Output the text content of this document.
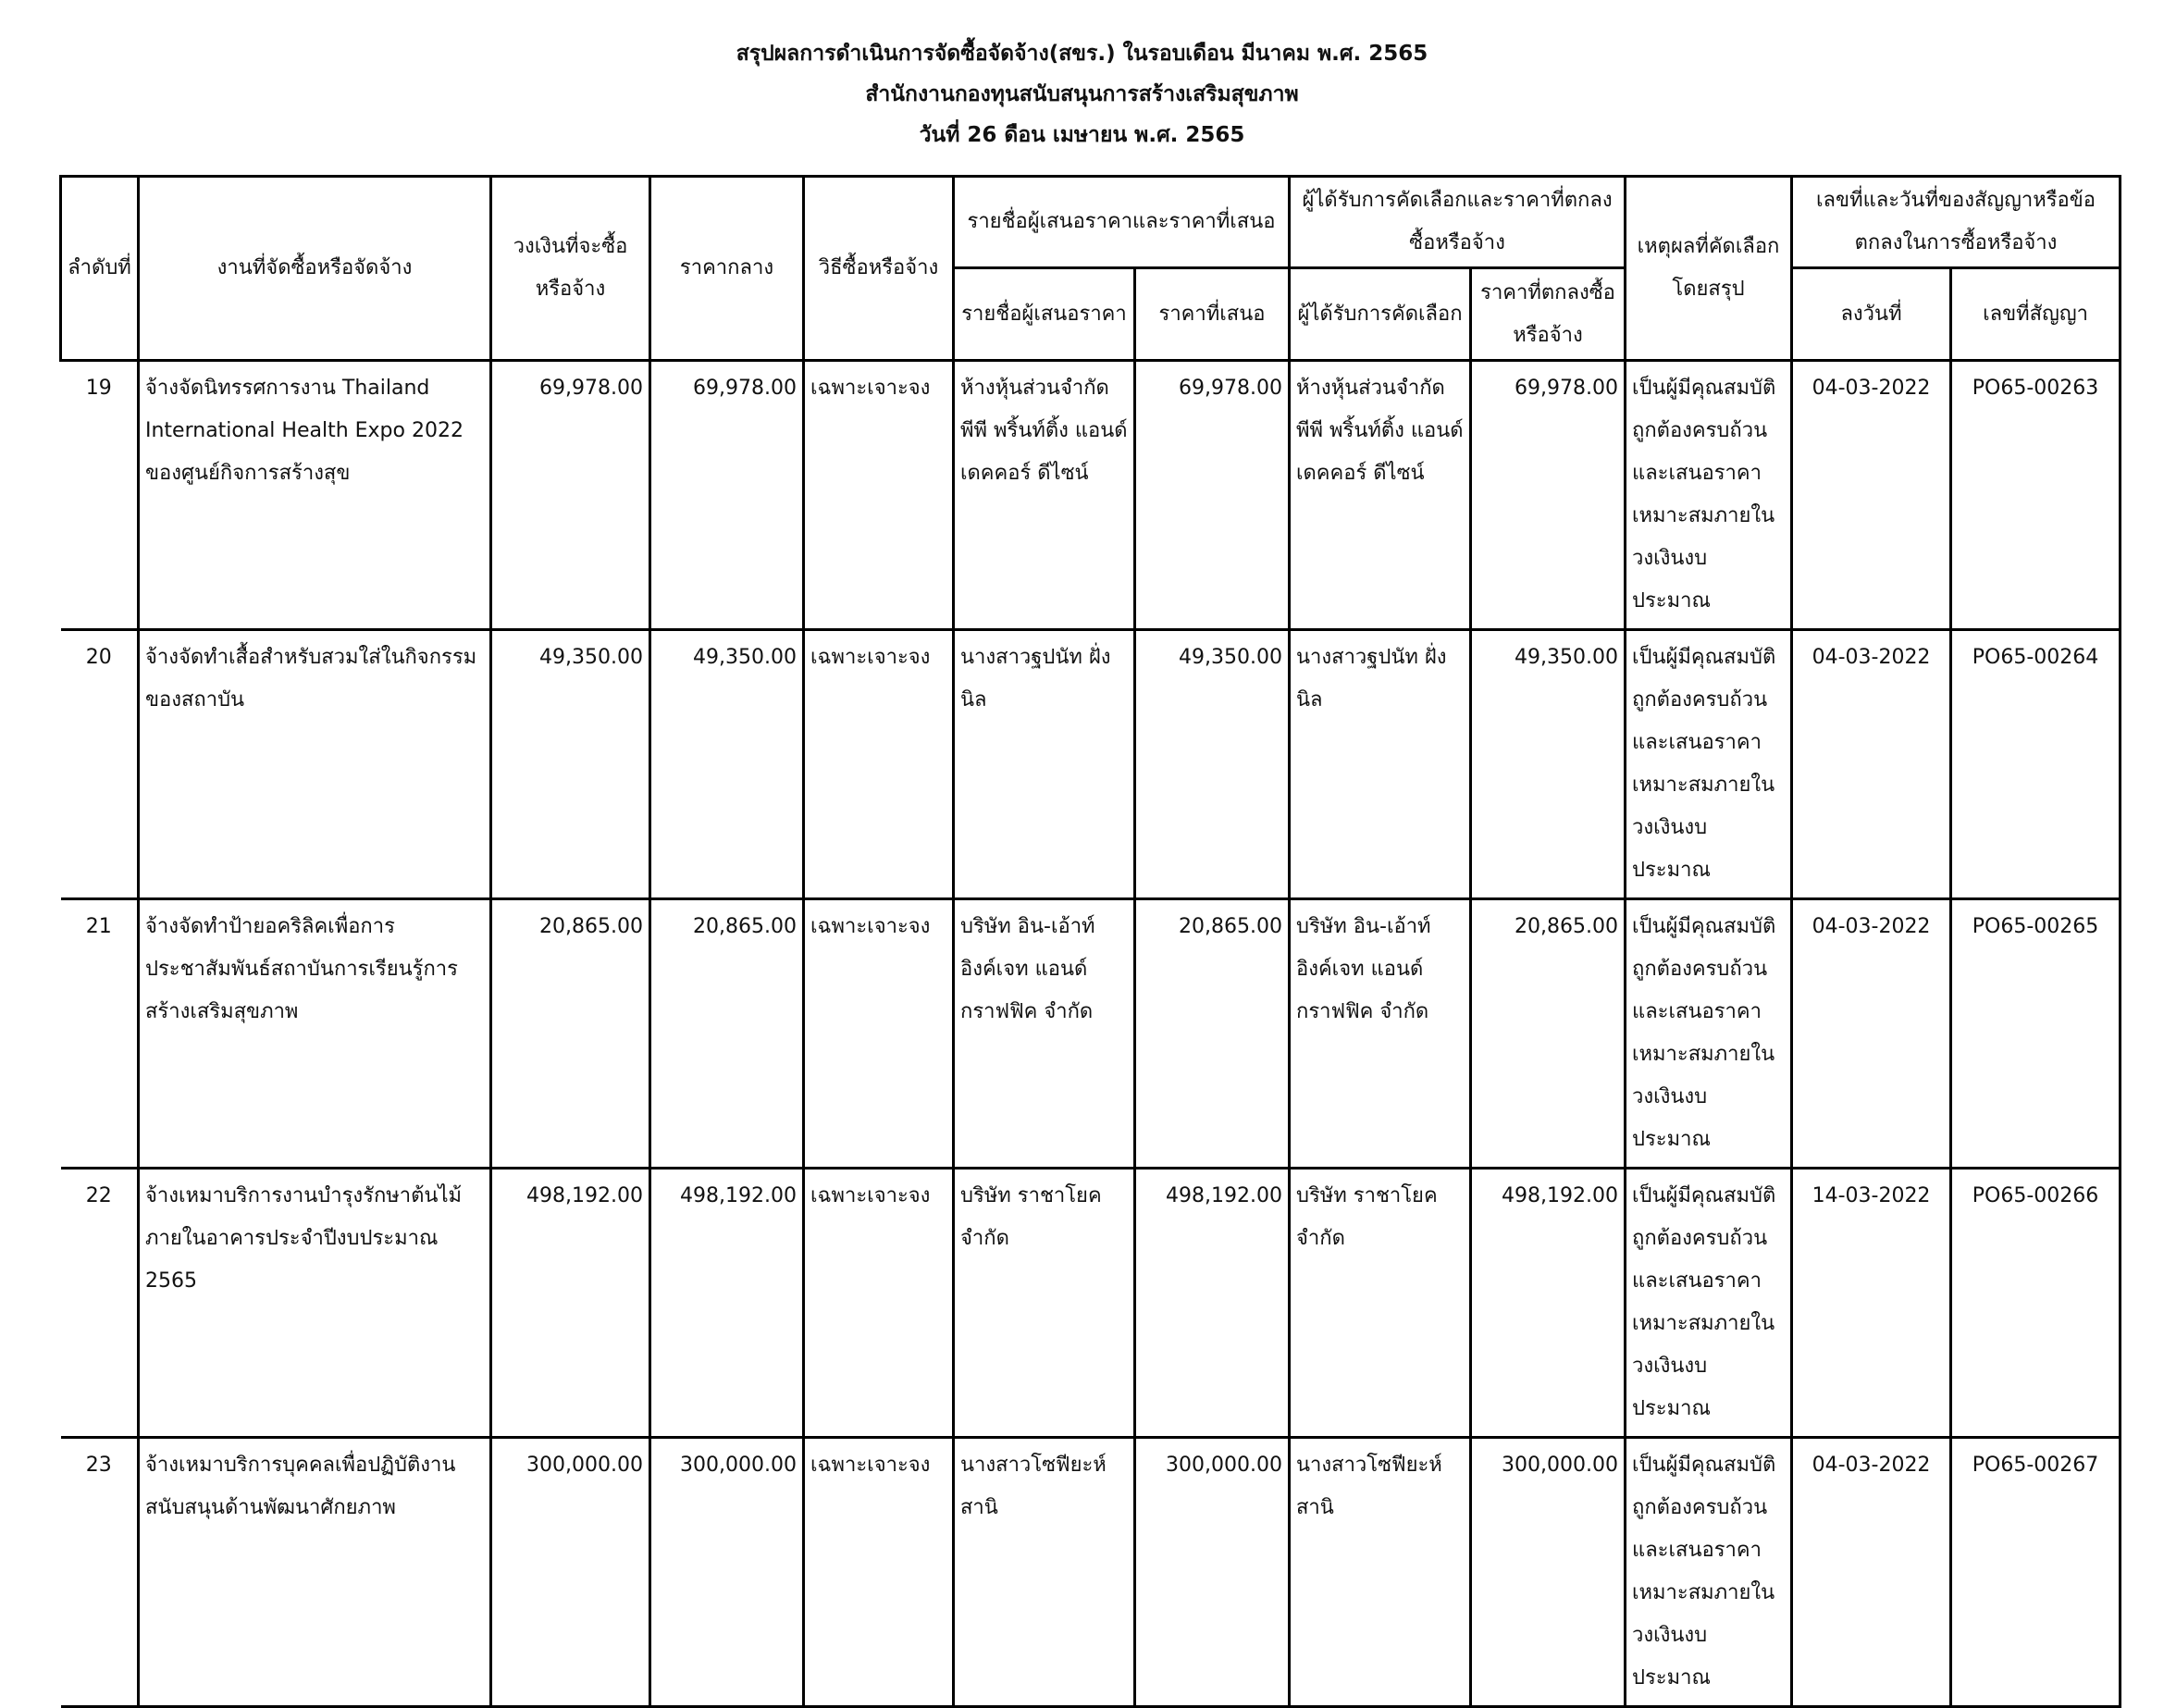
สรุปผลการดำเนินการจัดซื้อจัดจ้าง(สขร.) ในรอบเดือน มีนาคม พ.ศ. 2565
สำนักงานกองทุนสนับสนุนการสร้างเสริมสุขภาพ
วันที่ 26 ดือน เมษายน พ.ศ. 2565
ลำดับที่	งานที่จัดซื้อหรือจัดจ้าง	วงเงินที่จะซื้อหรือจ้าง	ราคากลาง	วิธีซื้อหรือจ้าง	รายชื่อผู้เสนอราคาและราคาที่เสนอ		ผู้ได้รับการคัดเลือกและราคาที่ตกลงซื้อหรือจ้าง		เหตุผลที่คัดเลือกโดยสรุป	เลขที่และวันที่ของสัญญาหรือข้อตกลงในการซื้อหรือจ้าง	
					รายชื่อผู้เสนอราคา	ราคาที่เสนอ	ผู้ได้รับการคัดเลือก	ราคาที่ตกลงซื้อหรือจ้าง		ลงวันที่	เลขที่สัญญา
19	จ้างจัดนิทรรศการงาน Thailand International Health Expo 2022 ของศูนย์กิจการสร้างสุข	69,978.00	69,978.00	เฉพาะเจาะจง	ห้างหุ้นส่วนจำกัด พีพี พริ้นท์ติ้ง แอนด์ เดคคอร์ ดีไซน์	69,978.00	ห้างหุ้นส่วนจำกัด พีพี พริ้นท์ติ้ง แอนด์ เดคคอร์ ดีไซน์	69,978.00	เป็นผู้มีคุณสมบัติถูกต้องครบถ้วน และเสนอราคา เหมาะสมภายใน วงเงินงบประมาณ	04-03-2022	PO65-00263
20	จ้างจัดทำเสื้อสำหรับสวมใส่ในกิจกรรมของสถาบัน	49,350.00	49,350.00	เฉพาะเจาะจง	นางสาวฐปนัท ฝั่งนิล	49,350.00	นางสาวฐปนัท ฝั่งนิล	49,350.00	เป็นผู้มีคุณสมบัติถูกต้องครบถ้วน และเสนอราคา เหมาะสมภายใน วงเงินงบประมาณ	04-03-2022	PO65-00264
21	จ้างจัดทำป้ายอคริลิคเพื่อการประชาสัมพันธ์สถาบันการเรียนรู้การสร้างเสริมสุขภาพ	20,865.00	20,865.00	เฉพาะเจาะจง	บริษัท อิน-เอ้าท์ อิงค์เจท แอนด์ กราฟฟิค จำกัด	20,865.00	บริษัท อิน-เอ้าท์ อิงค์เจท แอนด์ กราฟฟิค จำกัด	20,865.00	เป็นผู้มีคุณสมบัติถูกต้องครบถ้วน และเสนอราคา เหมาะสมภายใน วงเงินงบประมาณ	04-03-2022	PO65-00265
22	จ้างเหมาบริการงานบำรุงรักษาต้นไม้ภายในอาคารประจำปีงบประมาณ 2565	498,192.00	498,192.00	เฉพาะเจาะจง	บริษัท ราชาโยค จำกัด	498,192.00	บริษัท ราชาโยค จำกัด	498,192.00	เป็นผู้มีคุณสมบัติถูกต้องครบถ้วน และเสนอราคา เหมาะสมภายใน วงเงินงบประมาณ	14-03-2022	PO65-00266
23	จ้างเหมาบริการบุคคลเพื่อปฏิบัติงานสนับสนุนด้านพัฒนาศักยภาพ	300,000.00	300,000.00	เฉพาะเจาะจง	นางสาวโซฟียะห์ สานิ	300,000.00	นางสาวโซฟียะห์ สานิ	300,000.00	เป็นผู้มีคุณสมบัติถูกต้องครบถ้วน และเสนอราคา เหมาะสมภายใน วงเงินงบประมาณ	04-03-2022	PO65-00267
